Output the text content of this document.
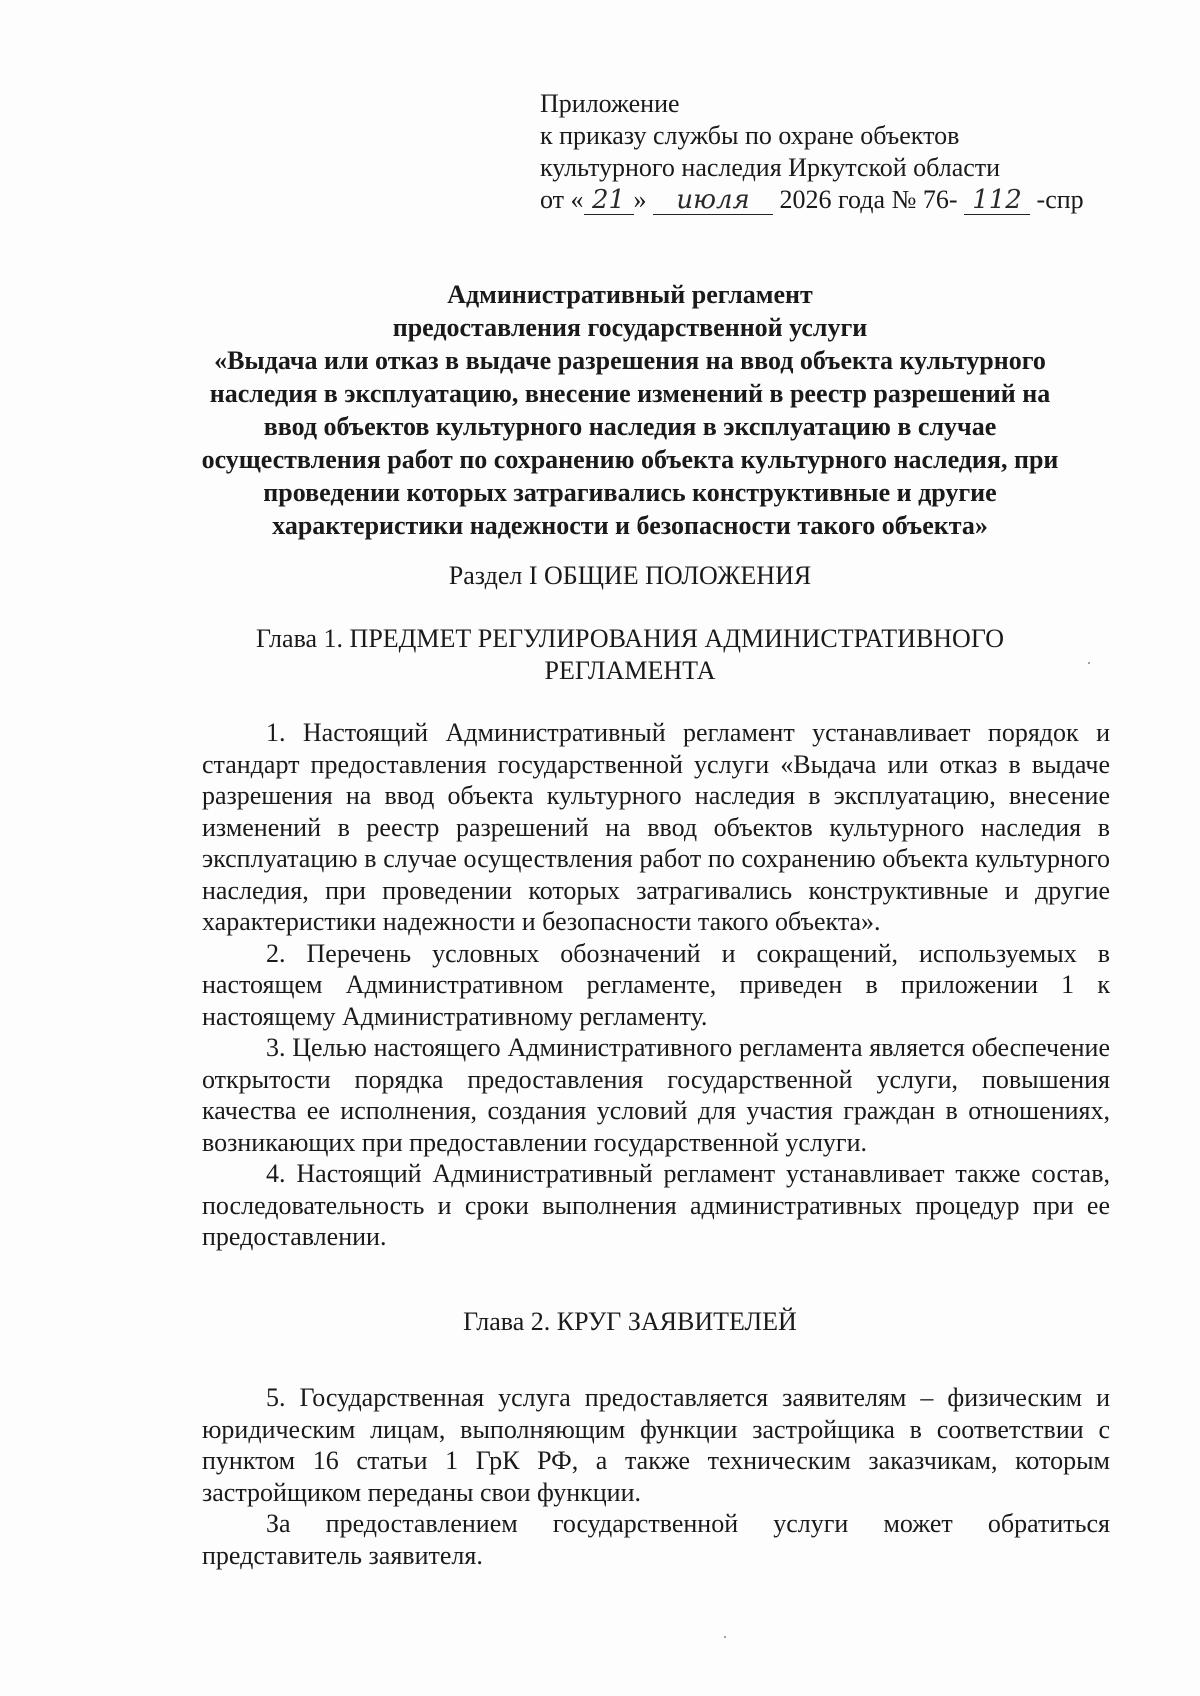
Приложение
к приказу службы по охране объектов
культурного наследия Иркутской области
от « 21 » июля 2026 года № 76- 112 -спр
Административный регламент
предоставления государственной услуги
«Выдача или отказ в выдаче разрешения на ввод объекта культурного
наследия в эксплуатацию, внесение изменений в реестр разрешений на
ввод объектов культурного наследия в эксплуатацию в случае
осуществления работ по сохранению объекта культурного наследия, при
проведении которых затрагивались конструктивные и другие
характеристики надежности и безопасности такого объекта»
Раздел I ОБЩИЕ ПОЛОЖЕНИЯ
Глава 1. ПРЕДМЕТ РЕГУЛИРОВАНИЯ АДМИНИСТРАТИВНОГО
РЕГЛАМЕНТА

1. Настоящий Административный регламент устанавливает порядок и стандарт предоставления государственной услуги «Выдача или отказ в выдаче разрешения на ввод объекта культурного наследия в эксплуатацию, внесение изменений в реестр разрешений на ввод объектов культурного наследия в эксплуатацию в случае осуществления работ по сохранению объекта культурного наследия, при проведении которых затрагивались конструктивные и другие характеристики надежности и безопасности такого объекта».

2. Перечень условных обозначений и сокращений, используемых в настоящем Административном регламенте, приведен в приложении 1 к настоящему Административному регламенту.

3. Целью настоящего Административного регламента является обеспечение открытости порядка предоставления государственной услуги, повышения качества ее исполнения, создания условий для участия граждан в отношениях, возникающих при предоставлении государственной услуги.

4. Настоящий Административный регламент устанавливает также состав, последовательность и сроки выполнения административных процедур при ее предоставлении.

Глава 2. КРУГ ЗАЯВИТЕЛЕЙ

5. Государственная услуга предоставляется заявителям – физическим и юридическим лицам, выполняющим функции застройщика в соответствии с пунктом 16 статьи 1 ГрК РФ, а также техническим заказчикам, которым застройщиком переданы свои функции.

За предоставлением государственной услуги может обратиться представитель заявителя.
